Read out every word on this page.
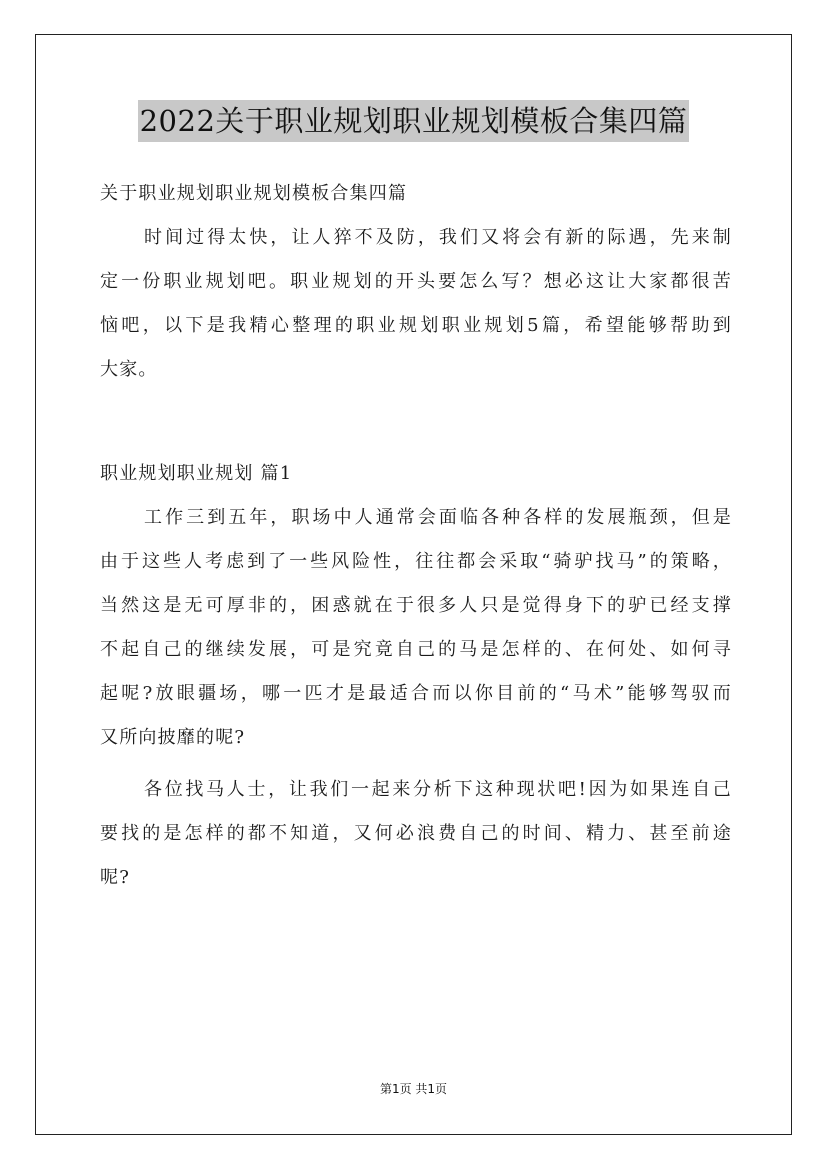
2022关于职业规划职业规划模板合集四篇
关于职业规划职业规划模板合集四篇
时间过得太快，让人猝不及防，我们又将会有新的际遇，先来制
定一份职业规划吧。职业规划的开头要怎么写？想必这让大家都很苦
恼吧，以下是我精心整理的职业规划职业规划5篇，希望能够帮助到
大家。
职业规划职业规划 篇1
工作三到五年，职场中人通常会面临各种各样的发展瓶颈，但是
由于这些人考虑到了一些风险性，往往都会采取“骑驴找马”的策略，
当然这是无可厚非的，困惑就在于很多人只是觉得身下的驴已经支撑
不起自己的继续发展，可是究竟自己的马是怎样的、在何处、如何寻
起呢?放眼疆场，哪一匹才是最适合而以你目前的“马术”能够驾驭而
又所向披靡的呢?
各位找马人士，让我们一起来分析下这种现状吧!因为如果连自己
要找的是怎样的都不知道，又何必浪费自己的时间、精力、甚至前途
呢?
第1页 共1页
